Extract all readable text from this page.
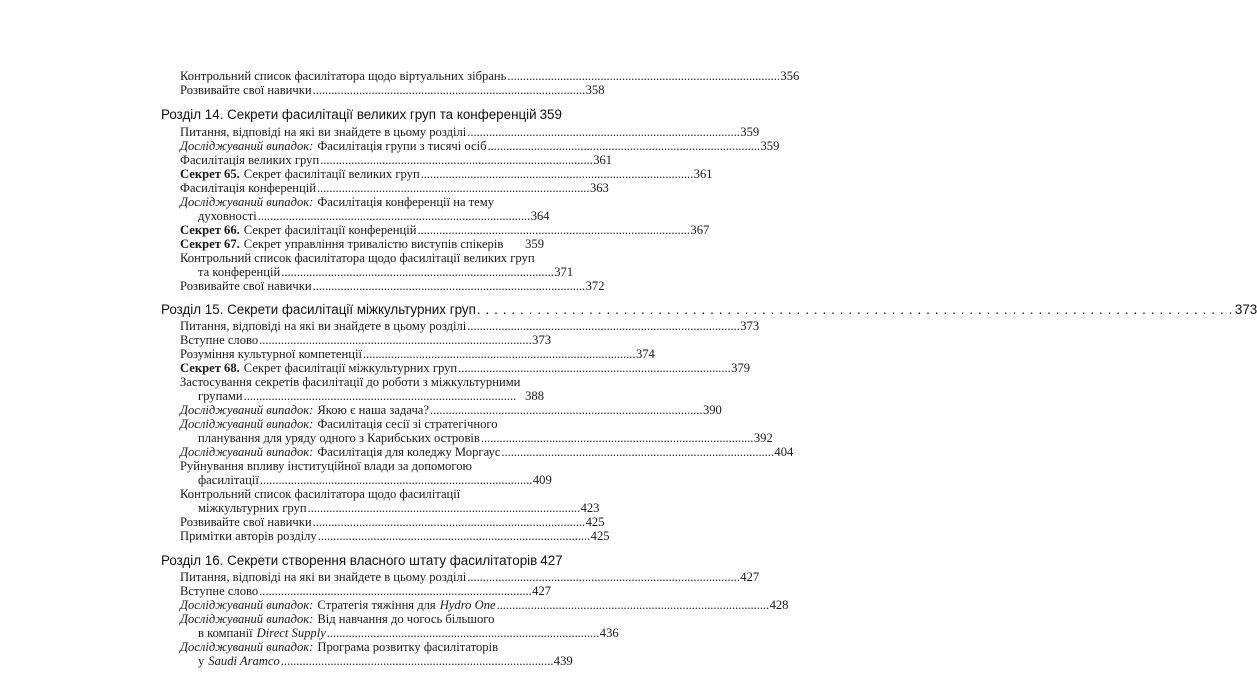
Контрольний список фасилітатора щодо віртуальних зібрань . . .	356
Розвивайте свої навички . . .	358
Розділ 14. Секрети фасилітації великих груп та конференцій 359
Питання, відповіді на які ви знайдете в цьому розділі . . .	359
Досліджуваний випадок: Фасилітація групи з тисячі осіб . . .	359
Фасилітація великих груп . . .	361
Секрет 65. Секрет фасилітації великих груп . . .	361
Фасилітація конференцій . . .	363
Досліджуваний випадок: Фасилітація конференції на тему
духовності . . .	364
Секрет 66. Секрет фасилітації конференцій . . .	367
Секрет 67. Секрет управління тривалістю виступів спікерів 359
Контрольний список фасилітатора щодо фасилітації великих груп
та конференцій . . .	371
Розвивайте свої навички . . .	372
Розділ 15. Секрети фасилітації міжкультурних груп . . .	373
Питання, відповіді на які ви знайдете в цьому розділі . . .	373
Вступне слово . . .	373
Розуміння культурної компетенції . . .	374
Секрет 68. Секрет фасилітації міжкультурних груп . . .	379
Застосування секретів фасилітації до роботи з міжкультурними
групами . . .	388
Досліджуваний випадок: Якою є наша задача? . . .	390
Досліджуваний випадок: Фасилітація сесії зі стратегічного
планування для уряду одного з Карибських островів . . .	392
Досліджуваний випадок: Фасилітація для коледжу Моргаус . . .	404
Руйнування впливу інституційної влади за допомогою
фасилітації . . .	409
Контрольний список фасилітатора щодо фасилітації
міжкультурних груп . . .	423
Розвивайте свої навички . . .	425
Примітки авторів розділу . . .	425
Розділ 16. Секрети створення власного штату фасилітаторів 427
Питання, відповіді на які ви знайдете в цьому розділі . . .	427
Вступне слово . . .	427
Досліджуваний випадок: Стратегія тяжіння для Hydro One . . .	428
Досліджуваний випадок: Від навчання до чогось більшого
в компанії Direct Supply . . .	436
Досліджуваний випадок: Програма розвитку фасилітаторів
у Saudi Aramco . . .	439
